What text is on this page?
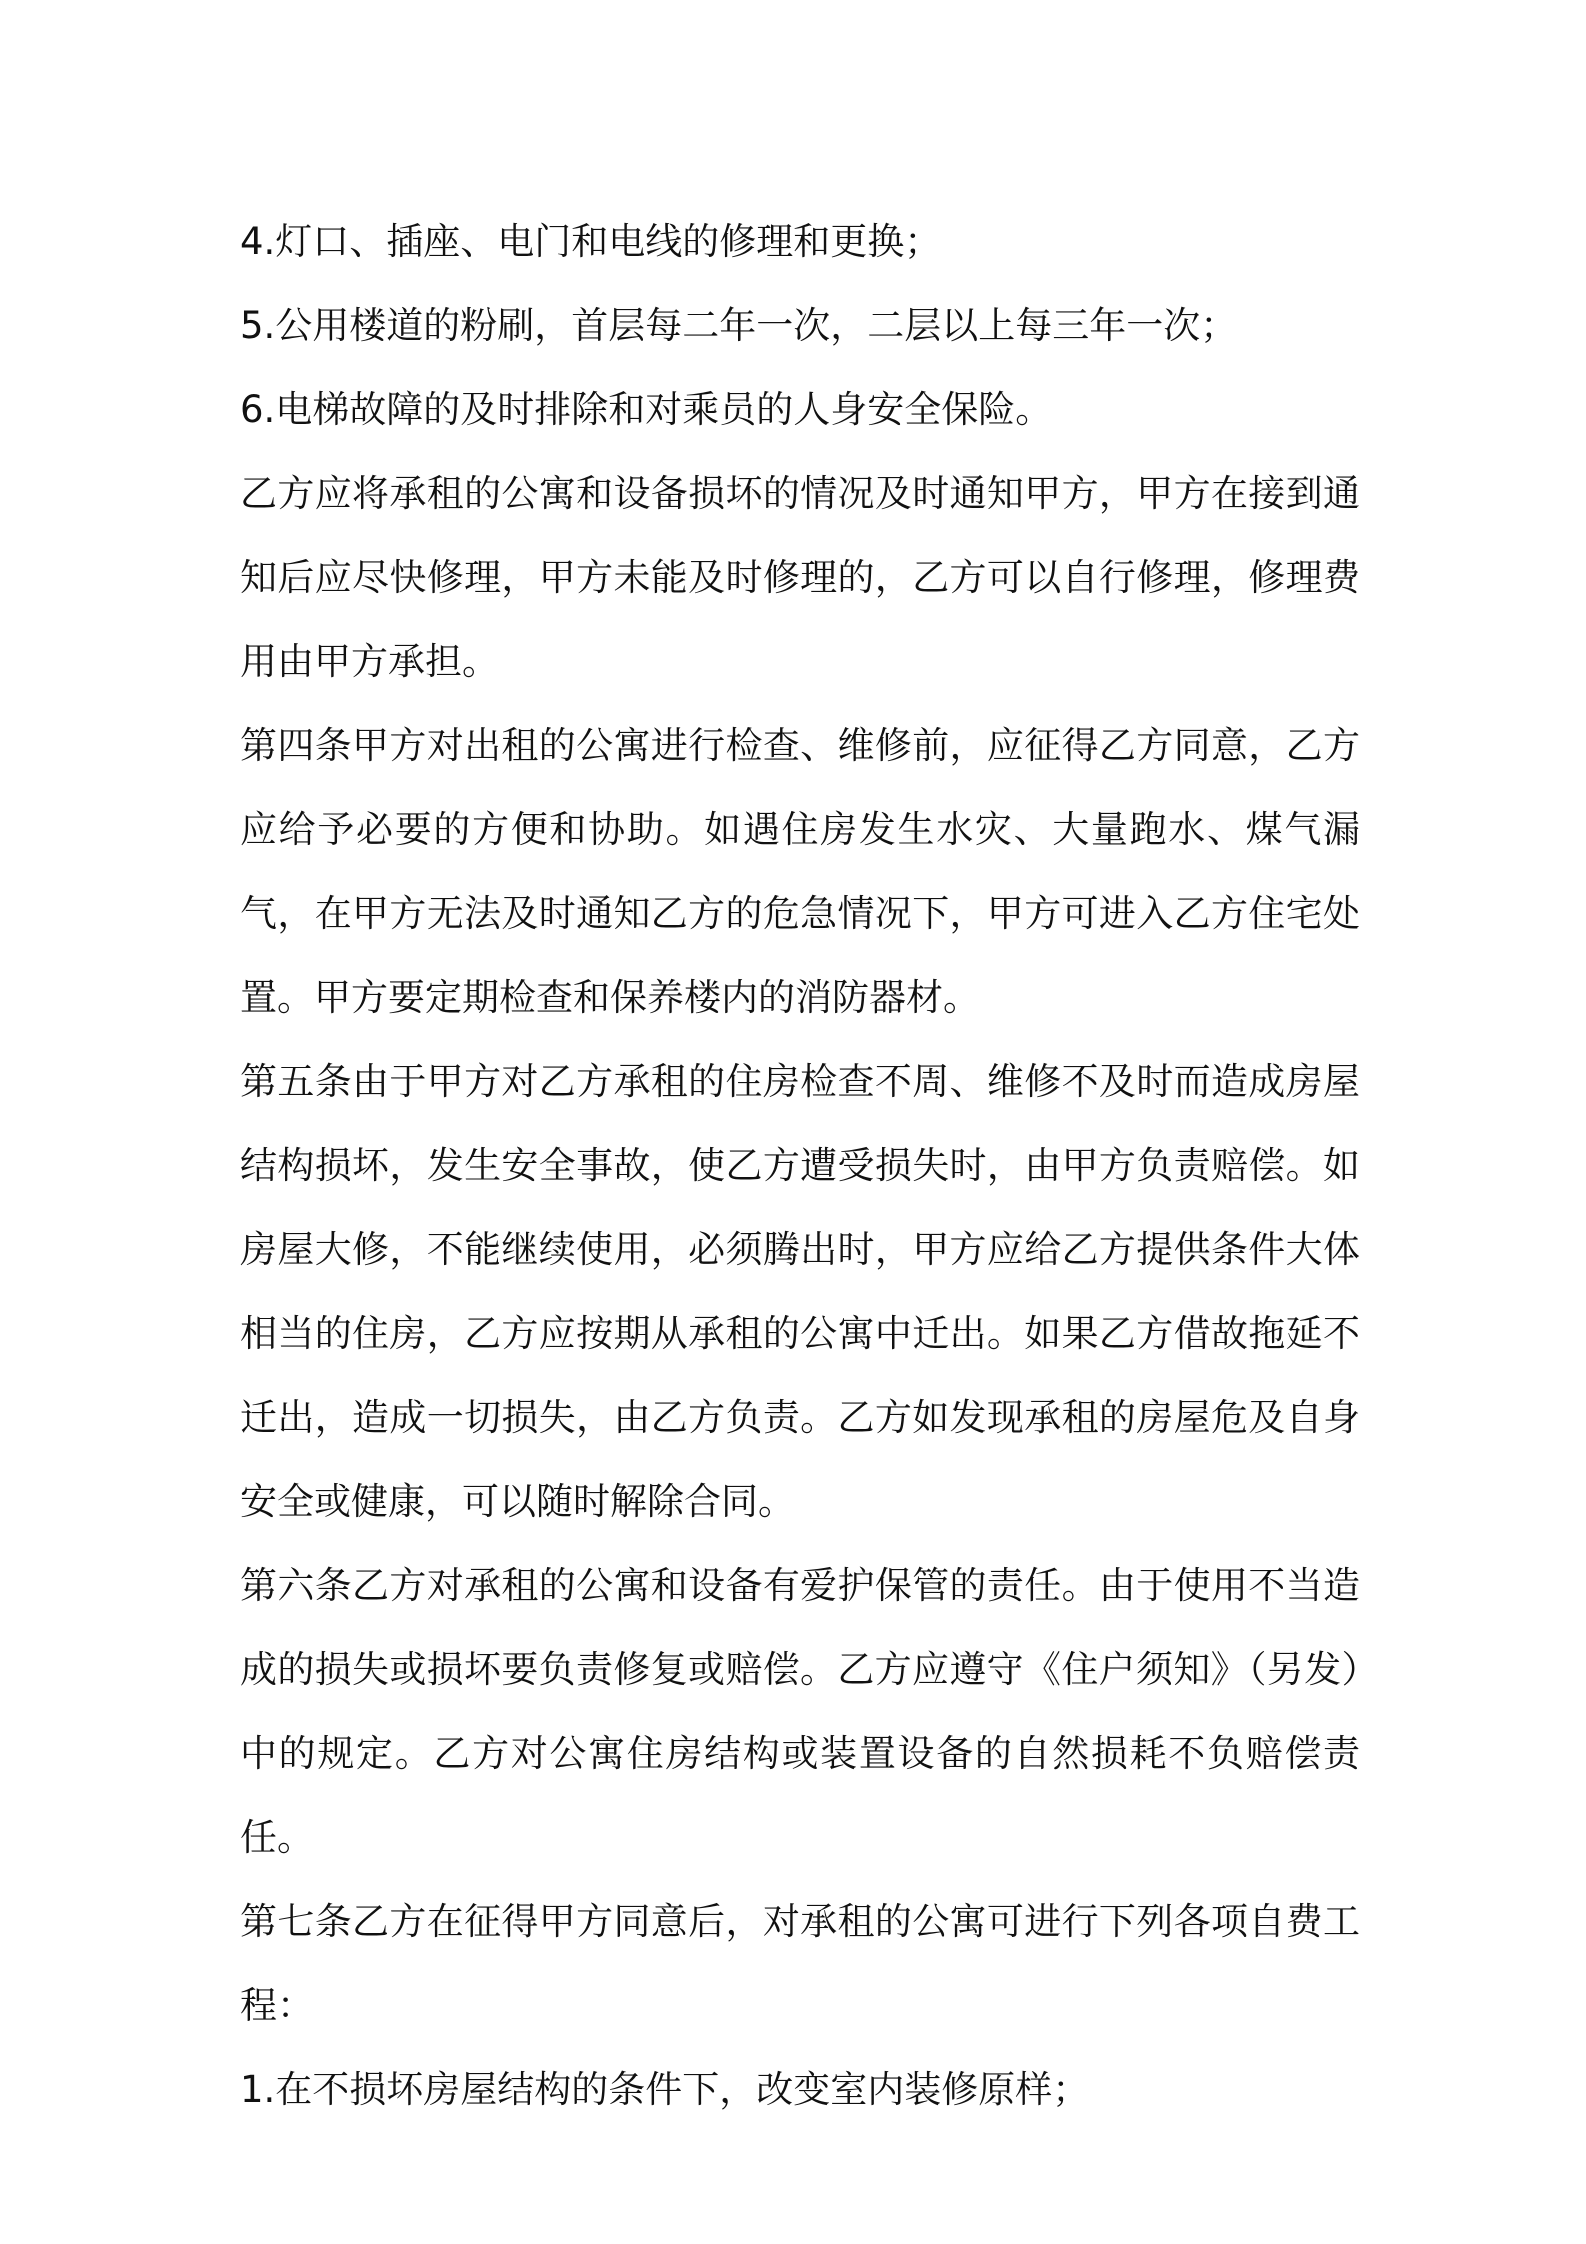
4.灯口、插座、电门和电线的修理和更换；

5.公用楼道的粉刷，首层每二年一次，二层以上每三年一次；

6.电梯故障的及时排除和对乘员的人身安全保险。

乙方应将承租的公寓和设备损坏的情况及时通知甲方，甲方在接到通知后应尽快修理，甲方未能及时修理的，乙方可以自行修理，修理费用由甲方承担。

第四条甲方对出租的公寓进行检查、维修前，应征得乙方同意，乙方应给予必要的方便和协助。如遇住房发生水灾、大量跑水、煤气漏气，在甲方无法及时通知乙方的危急情况下，甲方可进入乙方住宅处置。甲方要定期检查和保养楼内的消防器材。

第五条由于甲方对乙方承租的住房检查不周、维修不及时而造成房屋结构损坏，发生安全事故，使乙方遭受损失时，由甲方负责赔偿。如房屋大修，不能继续使用，必须腾出时，甲方应给乙方提供条件大体相当的住房，乙方应按期从承租的公寓中迁出。如果乙方借故拖延不迁出，造成一切损失，由乙方负责。乙方如发现承租的房屋危及自身安全或健康，可以随时解除合同。

第六条乙方对承租的公寓和设备有爱护保管的责任。由于使用不当造成的损失或损坏要负责修复或赔偿。乙方应遵守《住户须知》（另发）中的规定。乙方对公寓住房结构或装置设备的自然损耗不负赔偿责任。

第七条乙方在征得甲方同意后，对承租的公寓可进行下列各项自费工程：

1.在不损坏房屋结构的条件下，改变室内装修原样；
